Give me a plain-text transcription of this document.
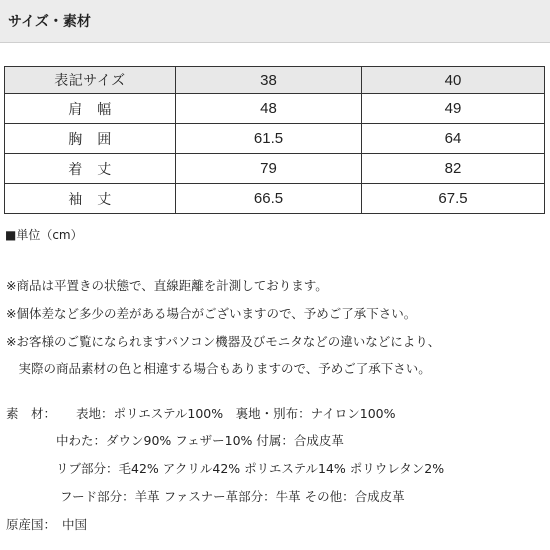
サイズ・素材
表記サイズ	38	40
肩　幅	48	49
胸　囲	61.5	64
着　丈	79	82
袖　丈	66.5	67.5
■単位（cm）
※商品は平置きの状態で、直線距離を計測しております。
※個体差など多少の差がある場合がございますので、予めご了承下さい。
※お客様のご覧になられますパソコン機器及びモニタなどの違いなどにより、
　実際の商品素材の色と相違する場合もありますので、予めご了承下さい。
素　材： 表地：ポリエステル100%　裏地・別布：ナイロン100%
中わた：ダウン90% フェザー10% 付属：合成皮革
リブ部分：毛42% アクリル42% ポリエステル14% ポリウレタン2%
フード部分：羊革 ファスナー革部分：牛革 その他：合成皮革
原産国： 中国
